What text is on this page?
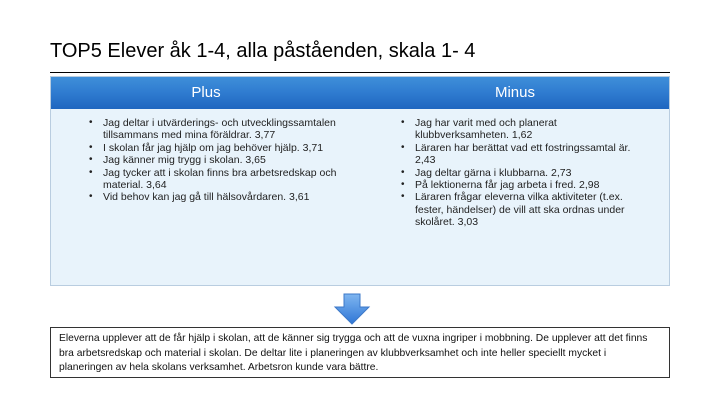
TOP5 Elever åk 1-4, alla påståenden, skala 1- 4
Plus	Minus
• Jag deltar i utvärderings- och utvecklingssamtalen tillsammans med mina föräldrar. 3,77
• I skolan får jag hjälp om jag behöver hjälp. 3,71
• Jag känner mig trygg i skolan. 3,65
• Jag tycker att i skolan finns bra arbetsredskap och material. 3,64
• Vid behov kan jag gå till hälsovårdaren. 3,61
• Jag har varit med och planerat klubbverksamheten. 1,62
• Läraren har berättat vad ett fostringssamtal är. 2,43
• Jag deltar gärna i klubbarna. 2,73
• På lektionerna får jag arbeta i fred. 2,98
• Läraren frågar eleverna vilka aktiviteter (t.ex. fester, händelser) de vill att ska ordnas under skolåret. 3,03
Eleverna upplever att de får hjälp i skolan, att de känner sig trygga och att de vuxna ingriper i mobbning. De upplever att det finns bra arbetsredskap och material i skolan. De deltar lite i planeringen av klubbverksamhet och inte heller speciellt mycket i planeringen av hela skolans verksamhet. Arbetsron kunde vara bättre.
